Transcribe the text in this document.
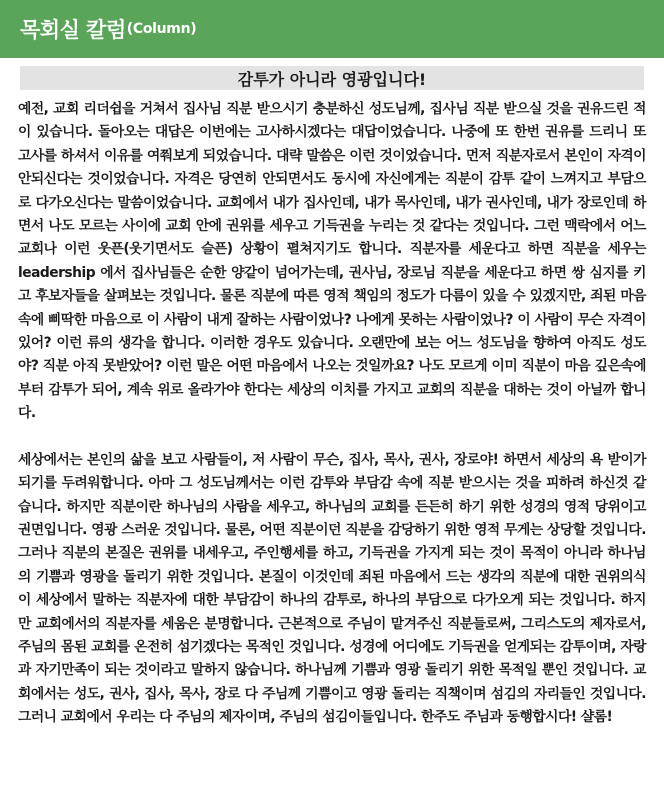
목회실 칼럼 (Column)
감투가 아니라 영광입니다!

예전, 교회 리더쉽을 거쳐서 집사님 직분 받으시기 충분하신 성도님께, 집사님 직분 받으실 것을 권유드린 적이 있습니다. 돌아오는 대답은 이번에는 고사하시겠다는 대답이었습니다. 나중에 또 한번 권유를 드리니 또 고사를 하셔서 이유를 여쭤보게 되었습니다. 대략 말씀은 이런 것이었습니다. 먼저 직분자로서 본인이 자격이 안되신다는 것이었습니다. 자격은 당연히 안되면서도 동시에 자신에게는 직분이 감투 같이 느껴지고 부담으로 다가오신다는 말씀이었습니다. 교회에서 내가 집사인데, 내가 목사인데, 내가 권사인데, 내가 장로인데 하면서 나도 모르는 사이에 교회 안에 권위를 세우고 기득권을 누리는 것 같다는 것입니다. 그런 맥락에서 어느 교회나 이런 웃픈(웃기면서도 슬픈) 상황이 펼쳐지기도 합니다. 직분자를 세운다고 하면 직분을 세우는 leadership 에서 집사님들은 순한 양같이 넘어가는데, 권사님, 장로님 직분을 세운다고 하면 쌍 심지를 키고 후보자들을 살펴보는 것입니다. 물론 직분에 따른 영적 책임의 정도가 다름이 있을 수 있겠지만, 죄된 마음 속에 삐딱한 마음으로 이 사람이 내게 잘하는 사람이었나? 나에게 못하는 사람이었나? 이 사람이 무슨 자격이 있어? 이런 류의 생각을 합니다. 이러한 경우도 있습니다. 오랜만에 보는 어느 성도님을 향하여 아직도 성도야? 직분 아직 못받았어? 이런 말은 어떤 마음에서 나오는 것일까요? 나도 모르게 이미 직분이 마음 깊은속에부터 감투가 되어, 계속 위로 올라가야 한다는 세상의 이치를 가지고 교회의 직분을 대하는 것이 아닐까 합니다.

세상에서는 본인의 삶을 보고 사람들이, 저 사람이 무슨, 집사, 목사, 권사, 장로야! 하면서 세상의 욕 받이가 되기를 두려워합니다. 아마 그 성도님께서는 이런 감투와 부담감 속에 직분 받으시는 것을 피하려 하신것 같습니다. 하지만 직분이란 하나님의 사람을 세우고, 하나님의 교회를 든든히 하기 위한 성경의 영적 당위이고 권면입니다. 영광 스러운 것입니다. 물론, 어떤 직분이던 직분을 감당하기 위한 영적 무게는 상당할 것입니다. 그러나 직분의 본질은 권위를 내세우고, 주인행세를 하고, 기득권을 가지게 되는 것이 목적이 아니라 하나님의 기쁨과 영광을 돌리기 위한 것입니다. 본질이 이것인데 죄된 마음에서 드는 생각의 직분에 대한 권위의식이 세상에서 말하는 직분자에 대한 부담감이 하나의 감투로, 하나의 부담으로 다가오게 되는 것입니다. 하지만 교회에서의 직분자를 세움은 분명합니다. 근본적으로 주님이 맡겨주신 직분들로써, 그리스도의 제자로서, 주님의 몸된 교회를 온전히 섬기겠다는 목적인 것입니다. 성경에 어디에도 기득권을 얻게되는 감투이며, 자랑과 자기만족이 되는 것이라고 말하지 않습니다. 하나님께 기쁨과 영광 돌리기 위한 목적일 뿐인 것입니다. 교회에서는 성도, 권사, 집사, 목사, 장로 다 주님께 기쁨이고 영광 돌리는 직책이며 섬김의 자리들인 것입니다. 그러니 교회에서 우리는 다 주님의 제자이며, 주님의 섬김이들입니다. 한주도 주님과 동행합시다! 샬롬!
